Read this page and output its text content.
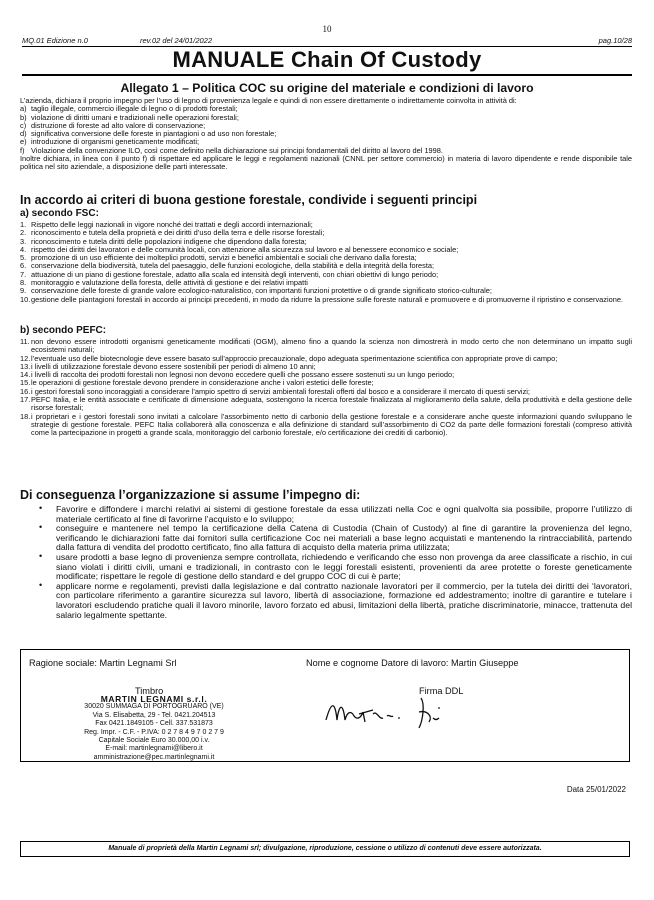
10
MQ.01 Edizione n.0	rev.02 del 24/01/2022	pag.10/28
MANUALE Chain Of Custody
Allegato 1 – Politica COC su origine del materiale e condizioni di lavoro
L’azienda, dichiara il proprio impegno per l’uso di legno di provenienza legale e quindi di non essere direttamente o indirettamente coinvolta in attività di:
a) taglio illegale, commercio illegale di legno o di prodotti forestali;
b) violazione di diritti umani e tradizionali nelle operazioni forestali;
c) distruzione di foreste ad alto valore di conservazione;
d) significativa conversione delle foreste in piantagioni o ad uso non forestale;
e) introduzione di organismi geneticamente modificati;
f) Violazione della convenzione ILO, così come definito nella dichiarazione sui principi fondamentali del diritto al lavoro del 1998.
Inoltre dichiara, in linea con il punto f) di rispettare ed applicare le leggi e regolamenti nazionali (CNNL per settore commercio) in materia di lavoro dipendente e rende disponibile tale politica nel sito aziendale, a disposizione delle parti interessate.
In accordo ai criteri di buona gestione forestale, condivide i seguenti principi
a) secondo FSC:
1. Rispetto delle leggi nazionali in vigore nonché dei trattati e degli accordi internazionali;
2. riconoscimento e tutela della proprietà e dei diritti d’uso della terra e delle risorse forestali;
3. riconoscimento e tutela diritti delle popolazioni indigene che dipendono dalla foresta;
4. rispetto dei diritti dei lavoratori e delle comunità locali, con attenzione alla sicurezza sul lavoro e al benessere economico e sociale;
5. promozione di un uso efficiente dei molteplici prodotti, servizi e benefici ambientali e sociali che derivano dalla foresta;
6. conservazione della biodiversità, tutela del paesaggio, delle funzioni ecologiche, della stabilità e della integrità della foresta;
7. attuazione di un piano di gestione forestale, adatto alla scala ed intensità degli interventi, con chiari obiettivi di lungo periodo;
8. monitoraggio e valutazione della foresta, delle attività di gestione e dei relativi impatti
9. conservazione delle foreste di grande valore ecologico-naturalistico, con importanti funzioni protettive o di grande significato storico-culturale;
10. gestione delle piantagioni forestali in accordo ai principi precedenti, in modo da ridurre la pressione sulle foreste naturali e promuovere e di promuoverne il ripristino e conservazione.
b) secondo PEFC:
11. non devono essere introdotti organismi geneticamente modificati (OGM), almeno fino a quando la scienza non dimostrerà in modo certo che non determinano un impatto sugli ecosistemi naturali;
12. l’eventuale uso delle biotecnologie deve essere basato sull’approccio precauzionale, dopo adeguata sperimentazione scientifica con appropriate prove di campo;
13. i livelli di utilizzazione forestale devono essere sostenibili per periodi di almeno 10 anni;
14. i livelli di raccolta dei prodotti forestali non legnosi non devono eccedere quelli che possano essere sostenuti su un lungo periodo;
15. le operazioni di gestione forestale devono prendere in considerazione anche i valori estetici delle foreste;
16. i gestori forestali sono incoraggiati a considerare l’ampio spettro di servizi ambientali forestali offerti dal bosco e a considerare il mercato di questi servizi;
17. PEFC Italia, e le entità associate e certificate di dimensione adeguata, sostengono la ricerca forestale finalizzata al miglioramento della salute, della produttività e della gestione delle risorse forestali;
18. i proprietari e i gestori forestali sono invitati a calcolare l’assorbimento netto di carbonio della gestione forestale e a considerare anche queste informazioni quando sviluppano le strategie di gestione forestale. PEFC Italia collaborerà alla conoscenza e alla definizione di standard sull’assorbimento di CO2 da parte delle formazioni forestali (compreso attività come la partecipazione in progetti a grande scala, monitoraggio del carbonio forestale, e/o certificazione dei crediti di carbonio).
Di conseguenza l’organizzazione si assume l’impegno di:
• Favorire e diffondere i marchi relativi ai sistemi di gestione forestale da essa utilizzati nella Coc e ogni qualvolta sia possibile, proporre l’utilizzo di materiale certificato al fine di favorirne l’acquisto e lo sviluppo;
• conseguire e mantenere nel tempo la certificazione della Catena di Custodia (Chain of Custody) al fine di garantire la provenienza del legno, verificando le dichiarazioni fatte dai fornitori sulla certificazione Coc nei materiali a base legno acquistati e mantenendo la rintracciabilità, partendo dalla fattura di vendita del prodotto certificato, fino alla fattura di acquisto della materia prima utilizzata;
• usare prodotti a base legno di provenienza sempre controllata, richiedendo e verificando che esso non provenga da aree classificate a rischio, in cui siano violati i diritti civili, umani e tradizionali, in contrasto con le leggi forestali esistenti, provenienti da aree protette o foreste geneticamente modificate; rispettare le regole di gestione dello standard e del gruppo COC di cui è parte;
• applicare norme e regolamenti, previsti dalla legislazione e dal contratto nazionale lavoratori per il commercio, per la tutela dei diritti dei ‘lavoratori, con particolare riferimento a garantire sicurezza sul lavoro, libertà di associazione, formazione ed addestramento; inoltre di garantire e tutelare i lavoratori escludendo pratiche quali il lavoro minorile, lavoro forzato ed abusi, limitazioni della libertà, pratiche discriminatorie, minacce, trattenuta del salario legalmente spettante.
Ragione sociale: Martin Legnami Srl	Nome e cognome Datore di lavoro: Martin Giuseppe
Timbro	Firma DDL
MARTIN LEGNAMI s.r.l.
30020 SUMMAGA DI PORTOGRUARO (VE)
Via S. Elisabetta, 29 - Tel. 0421.204513
Fax 0421.1849105 - Cell. 337.531873
Reg. Impr. - C.F. - P.IVA: 0 2 7 8 4 9 7 0 2 7 9
Capitale Sociale Euro 30.000,00 i.v.
E-mail: martinlegnami@libero.it
amministrazione@pec.martinlegnami.it
Data 25/01/2022
Manuale di proprietà della Martin Legnami srl; divulgazione, riproduzione, cessione o utilizzo di contenuti deve essere autorizzata.
